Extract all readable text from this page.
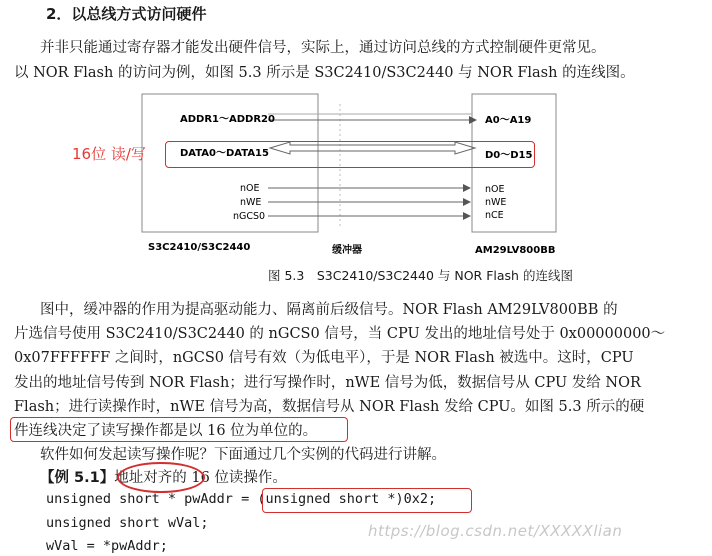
2．以总线方式访问硬件
并非只能通过寄存器才能发出硬件信号，实际上，通过访问总线的方式控制硬件更常见。
以 NOR Flash 的访问为例，如图 5.3 所示是 S3C2410/S3C2440 与 NOR Flash 的连线图。
ADDR1～ADDR20	A0～A19
DATA0～DATA15	D0～D15
nOE
nWE
nGCS0
nOE
nWE
nCE
S3C2410/S3C2440	缓冲器	AM29LV800BB
16位 读/写
图 5.3　S3C2410/S3C2440 与 NOR Flash 的连线图
图中，缓冲器的作用为提高驱动能力、隔离前后级信号。NOR Flash AM29LV800BB 的
片选信号使用 S3C2410/S3C2440 的 nGCS0 信号，当 CPU 发出的地址信号处于 0x00000000～
0x07FFFFFF 之间时，nGCS0 信号有效（为低电平），于是 NOR Flash 被选中。这时，CPU
发出的地址信号传到 NOR Flash；进行写操作时，nWE 信号为低，数据信号从 CPU 发给 NOR
Flash；进行读操作时，nWE 信号为高，数据信号从 NOR Flash 发给 CPU。如图 5.3 所示的硬
件连线决定了读写操作都是以 16 位为单位的。
软件如何发起读写操作呢？下面通过几个实例的代码进行讲解。
【例 5.1】地址对齐的 16 位读操作。
unsigned short * pwAddr = (unsigned short *)0x2;
unsigned short wVal;
wVal = *pwAddr;
https://blog.csdn.net/XXXXXlian
